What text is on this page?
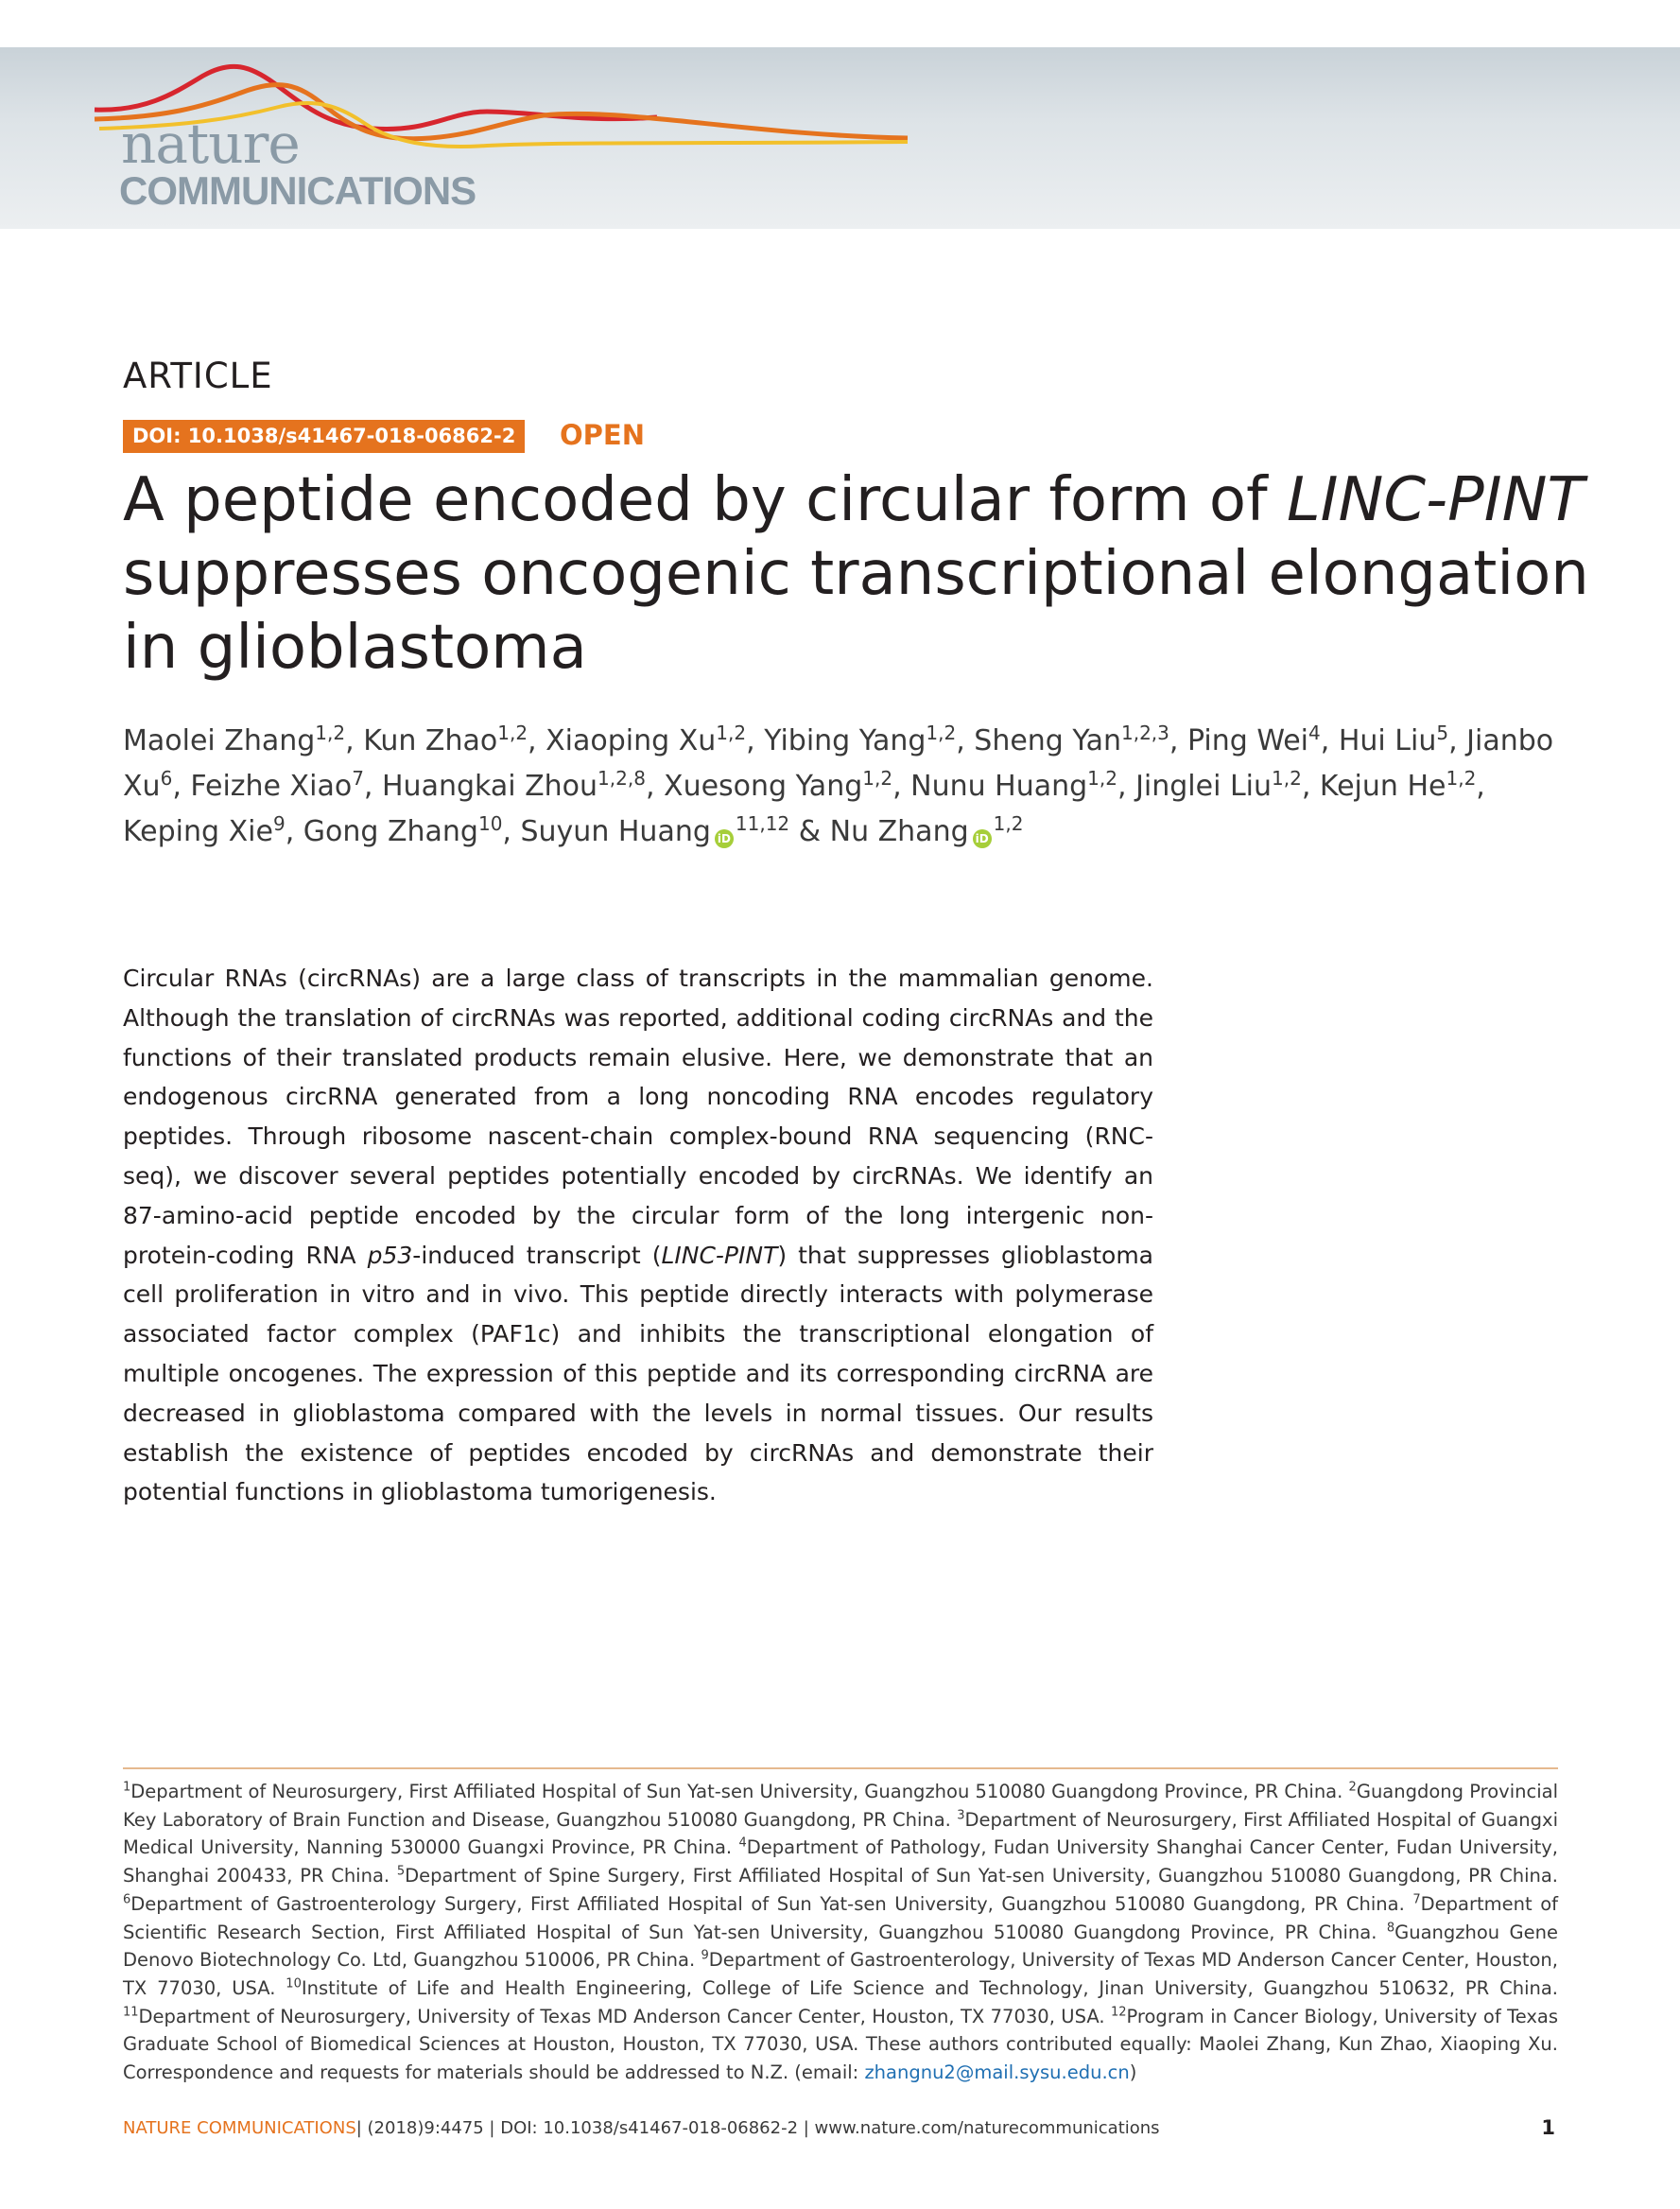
nature
COMMUNICATIONS
ARTICLE
DOI: 10.1038/s41467-018-06862-2	OPEN
A peptide encoded by circular form of LINC-PINT
suppresses oncogenic transcriptional elongation in glioblastoma
Maolei Zhang$^{1,2}$, Kun Zhao$^{1,2}$, Xiaoping Xu$^{1,2}$, Yibing Yang$^{1,2}$, Sheng Yan$^{1,2,3}$, Ping Wei$^4$, Hui Liu$^5$, Jianbo Xu$^6$, Feizhe Xiao$^7$, Huangkai Zhou$^{1,2,8}$, Xuesong Yang$^{1,2}$, Nunu Huang$^{1,2}$, Jinglei Liu$^{1,2}$, Kejun He$^{1,2}$, Keping Xie$^9$, Gong Zhang$^{10}$, Suyun Huang iD$^{11,12}$ & Nu Zhang iD$^{1,2}$
Circular RNAs (circRNAs) are a large class of transcripts in the mammalian genome. Although the translation of circRNAs was reported, additional coding circRNAs and the functions of their translated products remain elusive. Here, we demonstrate that an endogenous circRNA generated from a long noncoding RNA encodes regulatory peptides. Through ribosome nascent-chain complex-bound RNA sequencing (RNC-seq), we discover several peptides potentially encoded by circRNAs. We identify an 87-amino-acid peptide encoded by the circular form of the long intergenic non-protein-coding RNA p53-induced transcript (LINC-PINT) that suppresses glioblastoma cell proliferation in vitro and in vivo. This peptide directly interacts with polymerase associated factor complex (PAF1c) and inhibits the transcriptional elongation of multiple oncogenes. The expression of this peptide and its corresponding circRNA are decreased in glioblastoma compared with the levels in normal tissues. Our results establish the existence of peptides encoded by circRNAs and demonstrate their potential functions in glioblastoma tumorigenesis.
$^1$Department of Neurosurgery, First Affiliated Hospital of Sun Yat-sen University, Guangzhou 510080 Guangdong Province, PR China. $^2$Guangdong Provincial Key Laboratory of Brain Function and Disease, Guangzhou 510080 Guangdong, PR China. $^3$Department of Neurosurgery, First Affiliated Hospital of Guangxi Medical University, Nanning 530000 Guangxi Province, PR China. $^4$Department of Pathology, Fudan University Shanghai Cancer Center, Fudan University, Shanghai 200433, PR China. $^5$Department of Spine Surgery, First Affiliated Hospital of Sun Yat-sen University, Guangzhou 510080 Guangdong, PR China. $^6$Department of Gastroenterology Surgery, First Affiliated Hospital of Sun Yat-sen University, Guangzhou 510080 Guangdong, PR China. $^7$Department of Scientific Research Section, First Affiliated Hospital of Sun Yat-sen University, Guangzhou 510080 Guangdong Province, PR China. $^8$Guangzhou Gene Denovo Biotechnology Co. Ltd, Guangzhou 510006, PR China. $^9$Department of Gastroenterology, University of Texas MD Anderson Cancer Center, Houston, TX 77030, USA. $^{10}$Institute of Life and Health Engineering, College of Life Science and Technology, Jinan University, Guangzhou 510632, PR China. $^{11}$Department of Neurosurgery, University of Texas MD Anderson Cancer Center, Houston, TX 77030, USA. $^{12}$Program in Cancer Biology, University of Texas Graduate School of Biomedical Sciences at Houston, Houston, TX 77030, USA. These authors contributed equally: Maolei Zhang, Kun Zhao, Xiaoping Xu. Correspondence and requests for materials should be addressed to N.Z. (email: zhangnu2@mail.sysu.edu.cn)
NATURE COMMUNICATIONS| (2018)9:4475 | DOI: 10.1038/s41467-018-06862-2 | www.nature.com/naturecommunications	1
